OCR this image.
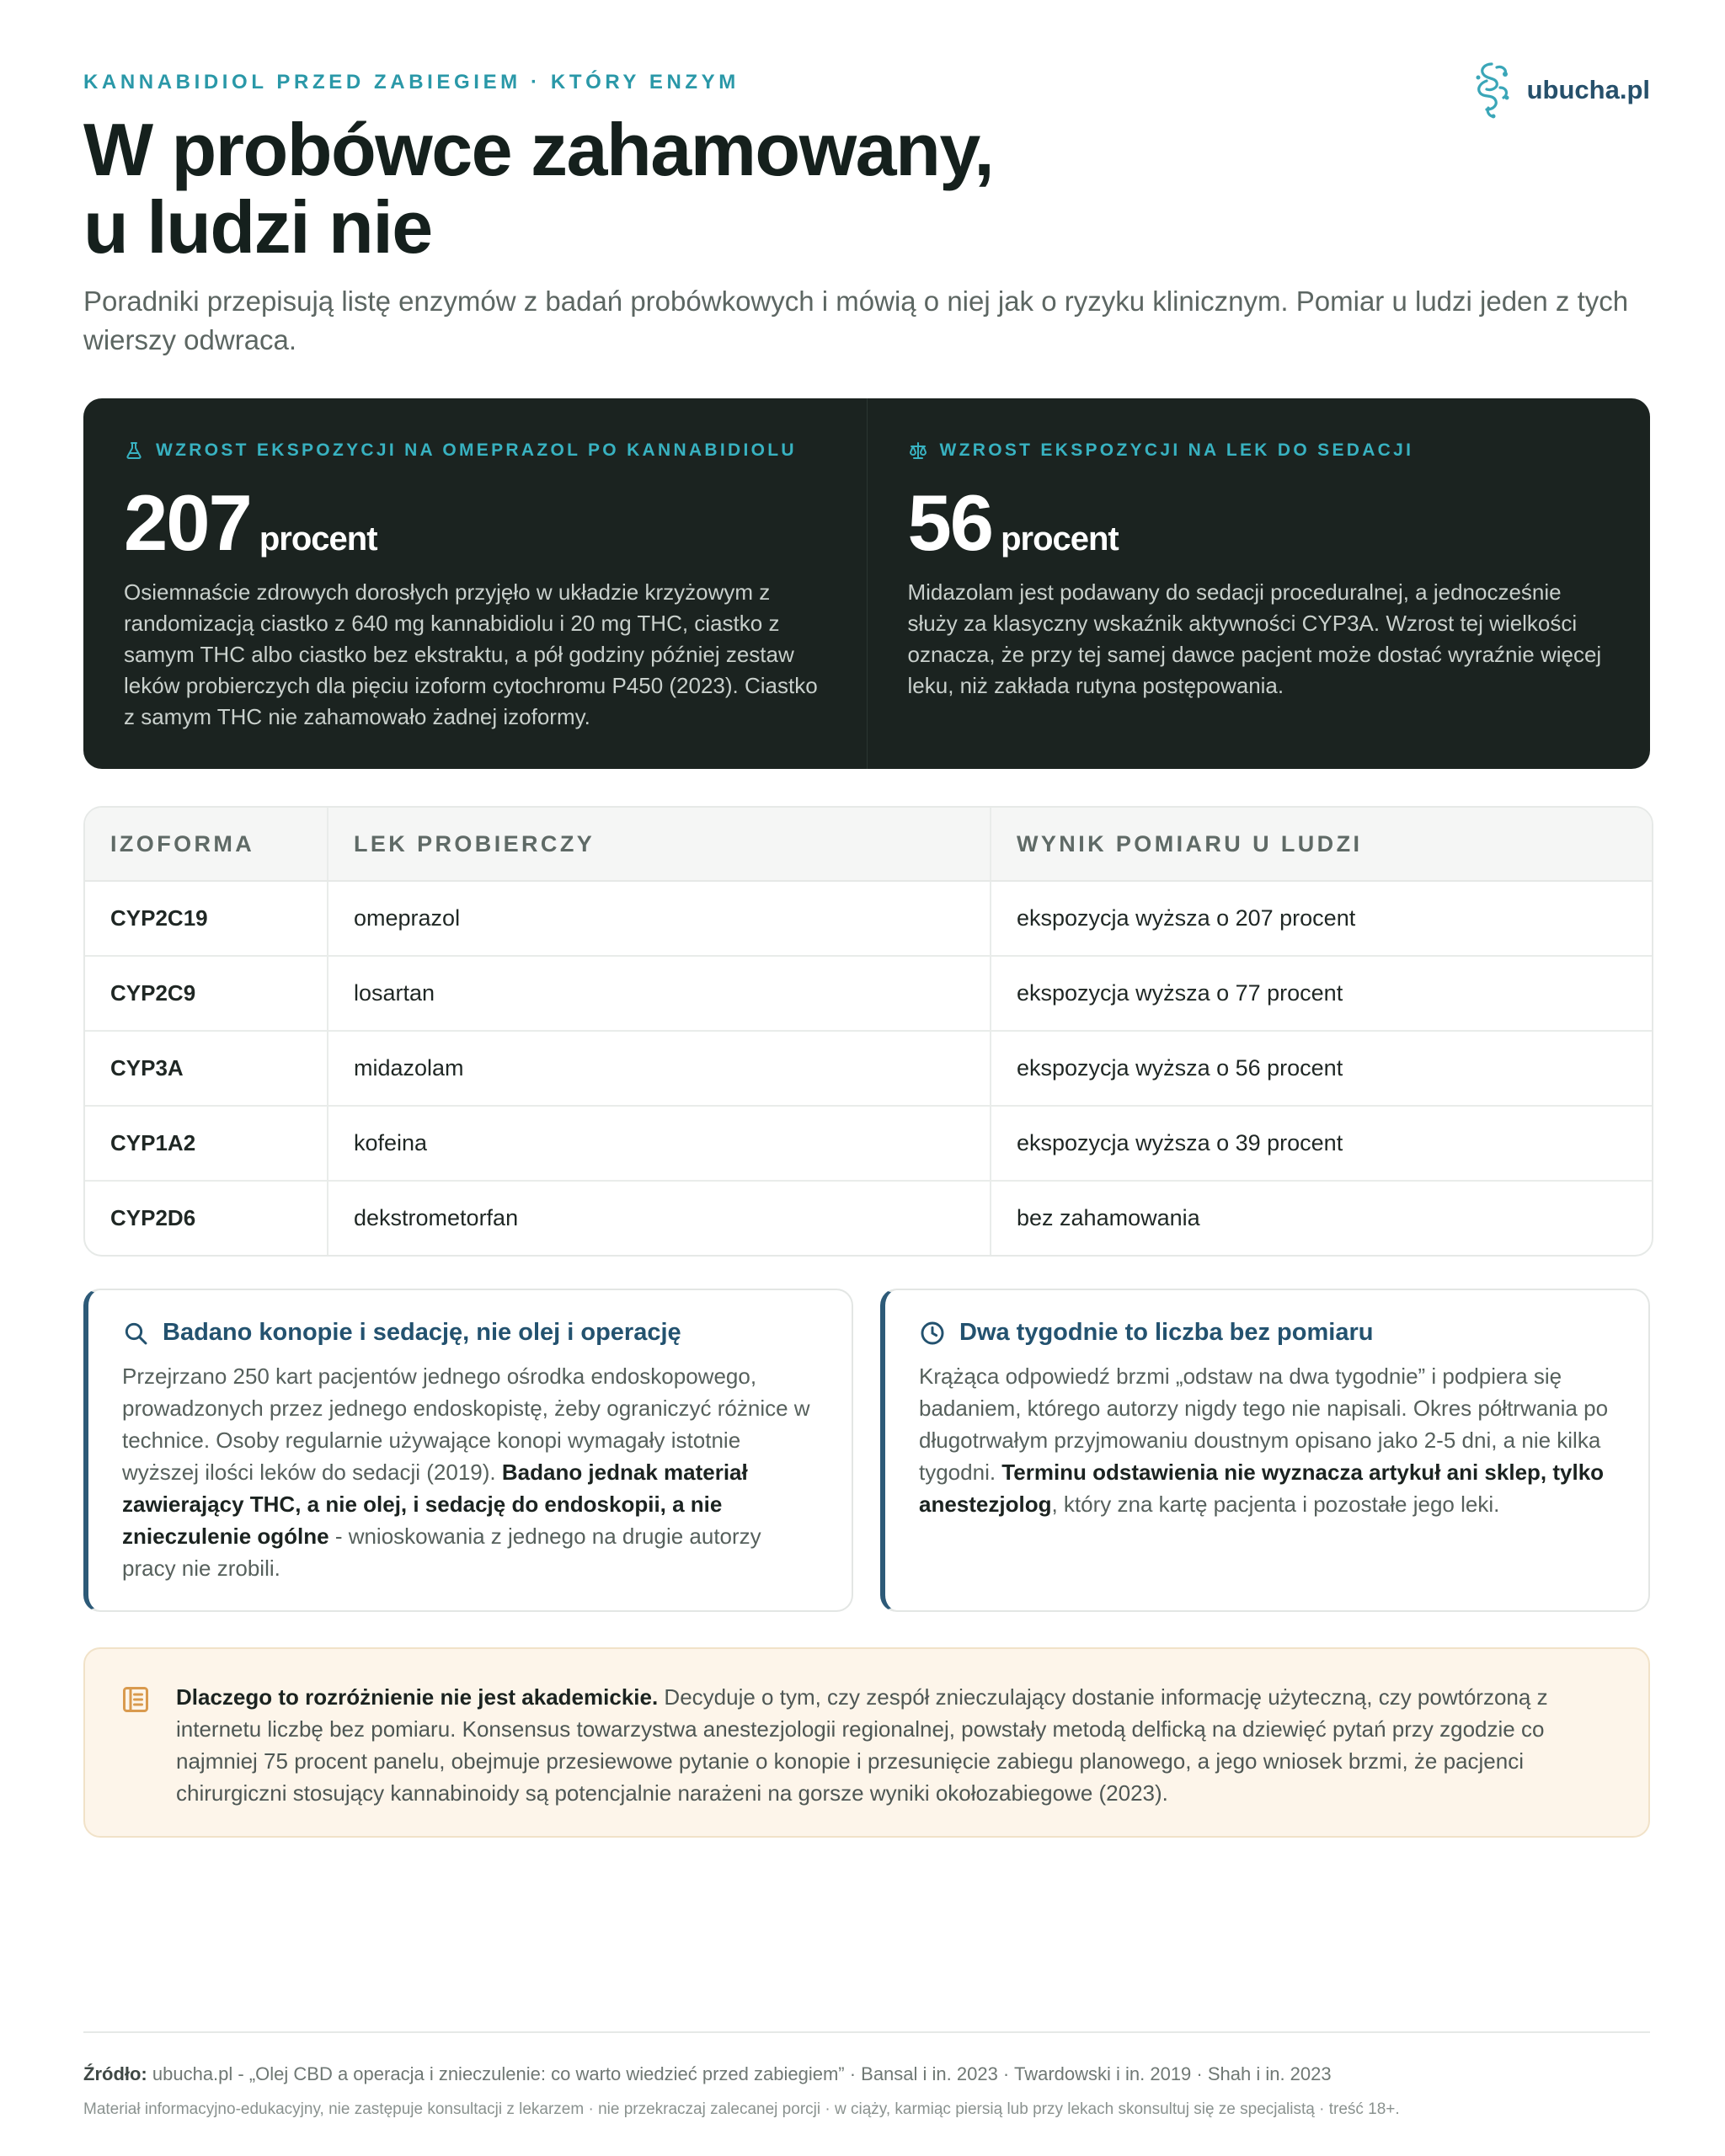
KANNABIDIOL PRZED ZABIEGIEM · KTÓRY ENZYM	ubucha.pl
W probówce zahamowany,
u ludzi nie

Poradniki przepisują listę enzymów z badań probówkowych i mówią o niej jak o ryzyku klinicznym. Pomiar u ludzi jeden z tych wierszy odwraca.

WZROST EKSPOZYCJI NA OMEPRAZOL PO KANNABIDIOLU
207 procent
Osiemnaście zdrowych dorosłych przyjęło w układzie krzyżowym z randomizacją ciastko z 640 mg kannabidiolu i 20 mg THC, ciastko z samym THC albo ciastko bez ekstraktu, a pół godziny później zestaw leków probierczych dla pięciu izoform cytochromu P450 (2023). Ciastko z samym THC nie zahamowało żadnej izoformy.
WZROST EKSPOZYCJI NA LEK DO SEDACJI
56 procent
Midazolam jest podawany do sedacji proceduralnej, a jednocześnie służy za klasyczny wskaźnik aktywności CYP3A. Wzrost tej wielkości oznacza, że przy tej samej dawce pacjent może dostać wyraźnie więcej leku, niż zakłada rutyna postępowania.
IZOFORMA	LEK PROBIERCZY	WYNIK POMIARU U LUDZI
CYP2C19	omeprazol	ekspozycja wyższa o 207 procent
CYP2C9	losartan	ekspozycja wyższa o 77 procent
CYP3A	midazolam	ekspozycja wyższa o 56 procent
CYP1A2	kofeina	ekspozycja wyższa o 39 procent
CYP2D6	dekstrometorfan	bez zahamowania
Badano konopie i sedację, nie olej i operację

Przejrzano 250 kart pacjentów jednego ośrodka endoskopowego, prowadzonych przez jednego endoskopistę, żeby ograniczyć różnice w technice. Osoby regularnie używające konopi wymagały istotnie wyższej ilości leków do sedacji (2019). Badano jednak materiał zawierający THC, a nie olej, i sedację do endoskopii, a nie znieczulenie ogólne - wnioskowania z jednego na drugie autorzy pracy nie zrobili.

Dwa tygodnie to liczba bez pomiaru

Krążąca odpowiedź brzmi „odstaw na dwa tygodnie” i podpiera się badaniem, którego autorzy nigdy tego nie napisali. Okres półtrwania po długotrwałym przyjmowaniu doustnym opisano jako 2-5 dni, a nie kilka tygodni. Terminu odstawienia nie wyznacza artykuł ani sklep, tylko anestezjolog, który zna kartę pacjenta i pozostałe jego leki.

Dlaczego to rozróżnienie nie jest akademickie. Decyduje o tym, czy zespół znieczulający dostanie informację użyteczną, czy powtórzoną z internetu liczbę bez pomiaru. Konsensus towarzystwa anestezjologii regionalnej, powstały metodą delficką na dziewięć pytań przy zgodzie co najmniej 75 procent panelu, obejmuje przesiewowe pytanie o konopie i przesunięcie zabiegu planowego, a jego wniosek brzmi, że pacjenci chirurgiczni stosujący kannabinoidy są potencjalnie narażeni na gorsze wyniki okołozabiegowe (2023).

Źródło: ubucha.pl - „Olej CBD a operacja i znieczulenie: co warto wiedzieć przed zabiegiem” · Bansal i in. 2023 · Twardowski i in. 2019 · Shah i in. 2023
Materiał informacyjno-edukacyjny, nie zastępuje konsultacji z lekarzem · nie przekraczaj zalecanej porcji · w ciąży, karmiąc piersią lub przy lekach skonsultuj się ze specjalistą · treść 18+.
